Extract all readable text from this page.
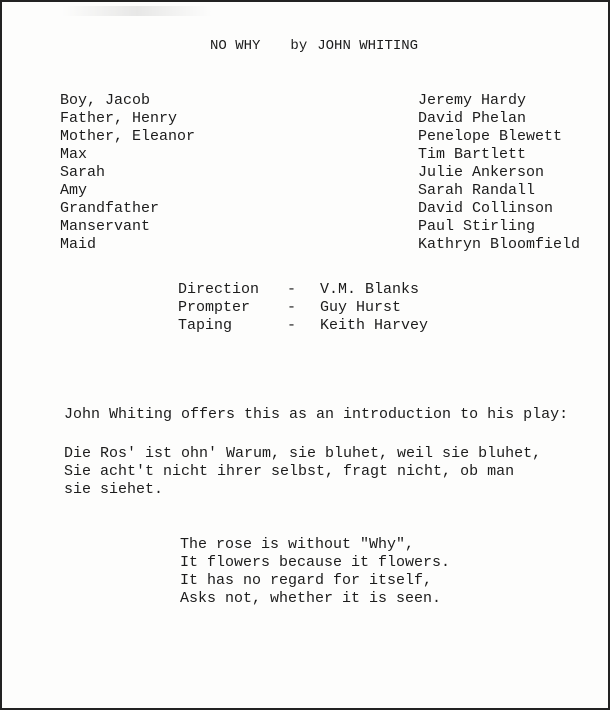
NO WHY by JOHN WHITING
Boy, Jacob
Father, Henry
Mother, Eleanor
Max
Sarah
Amy
Grandfather
Manservant
Maid
Jeremy Hardy
David Phelan
Penelope Blewett
Tim Bartlett
Julie Ankerson
Sarah Randall
David Collinson
Paul Stirling
Kathryn Bloomfield
Direction - V.M. Blanks
Prompter - Guy Hurst
Taping	- Keith Harvey
John Whiting offers this as an introduction to his play:
Die Ros' ist ohn' Warum, sie bluhet, weil sie bluhet,
Sie acht't nicht ihrer selbst, fragt nicht, ob man
sie siehet.
The rose is without "Why",
It flowers because it flowers.
It has no regard for itself,
Asks not, whether it is seen.
